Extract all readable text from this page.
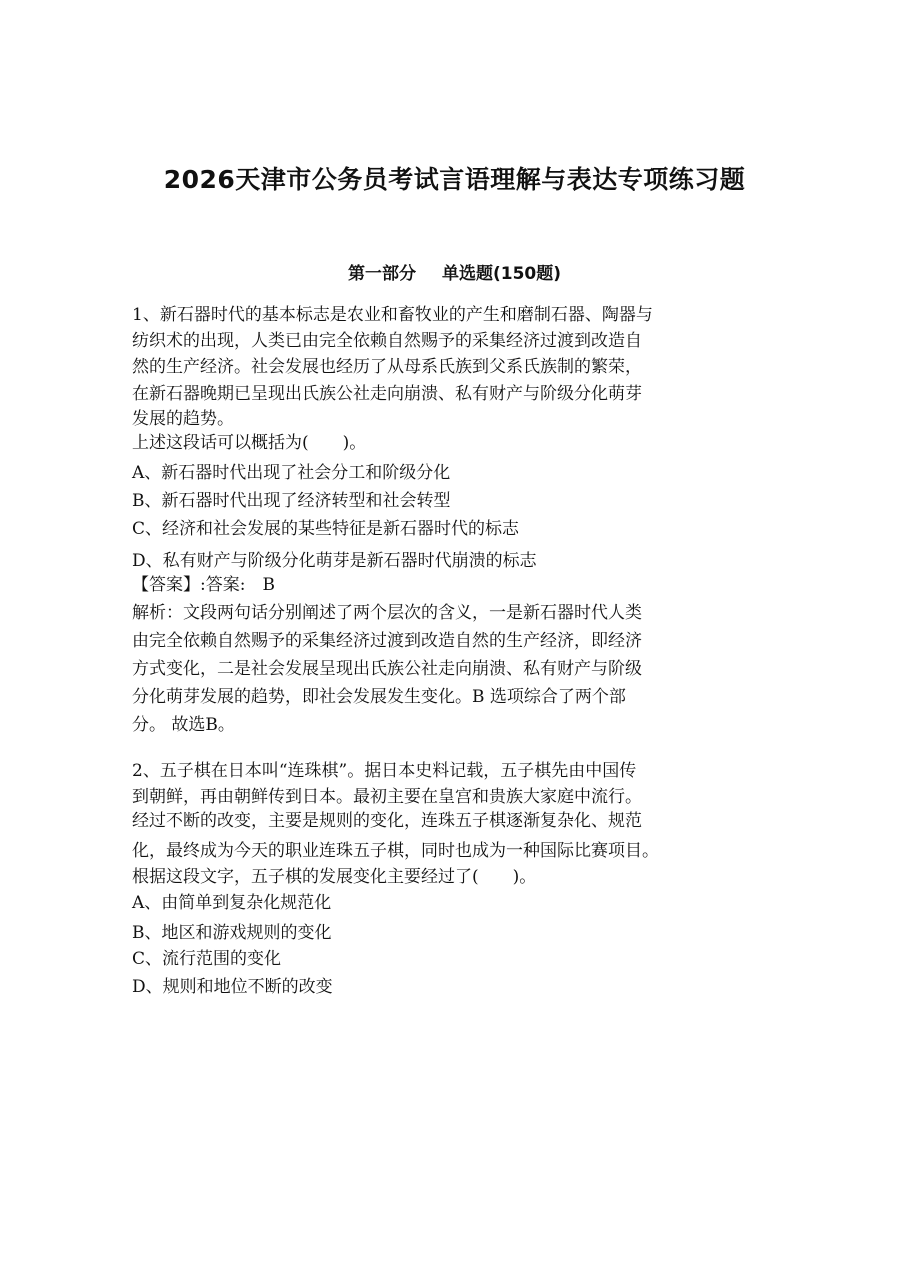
2026天津市公务员考试言语理解与表达专项练习题
第一部分 单选题(150题)
1、新石器时代的基本标志是农业和畜牧业的产生和磨制石器、陶器与
纺织术的出现，人类已由完全依赖自然赐予的采集经济过渡到改造自
然的生产经济。社会发展也经历了从母系氏族到父系氏族制的繁荣，
在新石器晚期已呈现出氏族公社走向崩溃、私有财产与阶级分化萌芽
发展的趋势。
上述这段话可以概括为(　　)。
A、新石器时代出现了社会分工和阶级分化
B、新石器时代出现了经济转型和社会转型
C、经济和社会发展的某些特征是新石器时代的标志
D、私有财产与阶级分化萌芽是新石器时代崩溃的标志
【答案】:答案:　B
解析：文段两句话分别阐述了两个层次的含义，一是新石器时代人类
由完全依赖自然赐予的采集经济过渡到改造自然的生产经济，即经济
方式变化，二是社会发展呈现出氏族公社走向崩溃、私有财产与阶级
分化萌芽发展的趋势，即社会发展发生变化。B 选项综合了两个部
分。 故选B。
2、五子棋在日本叫“连珠棋”。据日本史料记载，五子棋先由中国传
到朝鲜，再由朝鲜传到日本。最初主要在皇宫和贵族大家庭中流行。
经过不断的改变，主要是规则的变化，连珠五子棋逐渐复杂化、规范
化，最终成为今天的职业连珠五子棋，同时也成为一种国际比赛项目。
根据这段文字，五子棋的发展变化主要经过了(　　)。
A、由简单到复杂化规范化
B、地区和游戏规则的变化
C、流行范围的变化
D、规则和地位不断的改变
